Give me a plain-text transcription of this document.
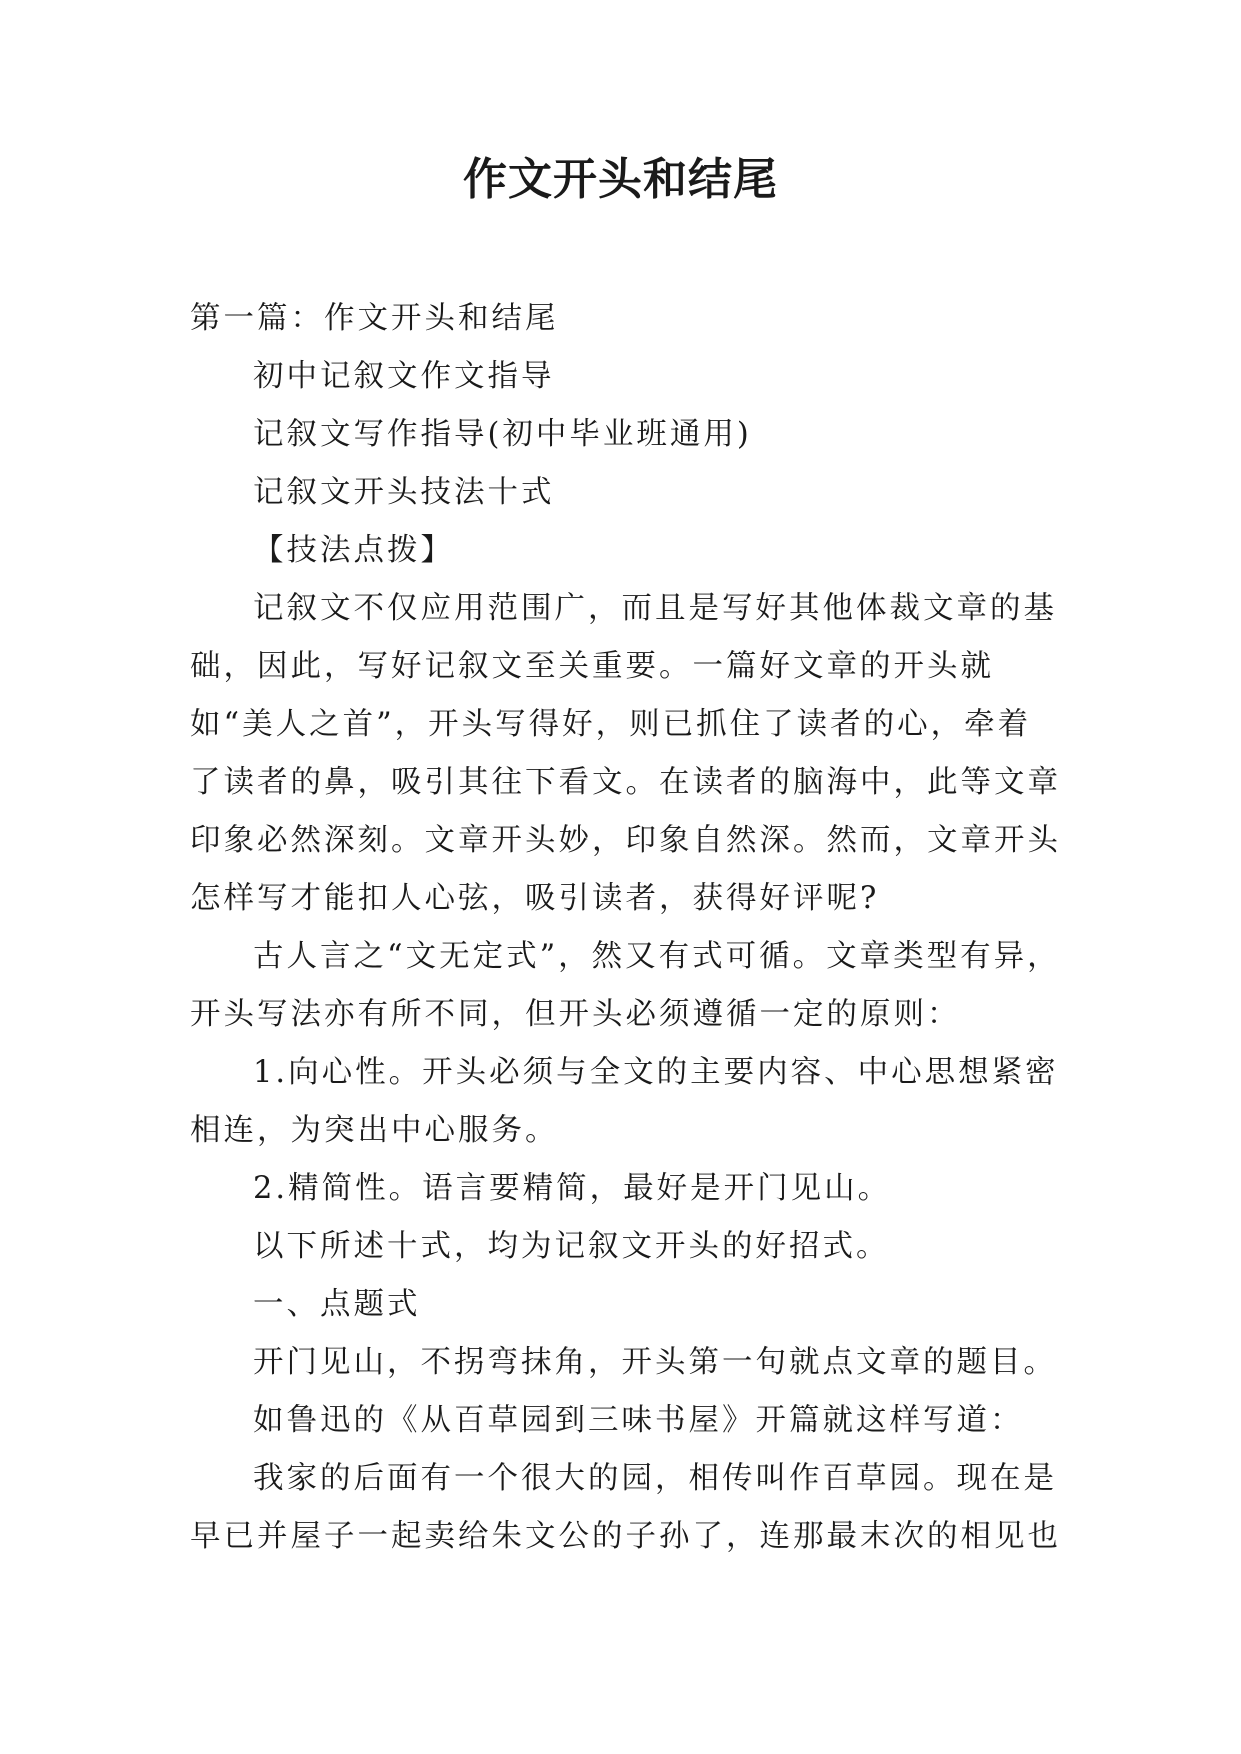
作文开头和结尾

第一篇：作文开头和结尾

初中记叙文作文指导

记叙文写作指导(初中毕业班通用)

记叙文开头技法十式

【技法点拨】

记叙文不仅应用范围广，而且是写好其他体裁文章的基础，因此，写好记叙文至关重要。一篇好文章的开头就如“美人之首”，开头写得好，则已抓住了读者的心，牵着了读者的鼻，吸引其往下看文。在读者的脑海中，此等文章印象必然深刻。文章开头妙，印象自然深。然而，文章开头怎样写才能扣人心弦，吸引读者，获得好评呢?

古人言之“文无定式”，然又有式可循。文章类型有异，开头写法亦有所不同，但开头必须遵循一定的原则：

1.向心性。开头必须与全文的主要内容、中心思想紧密相连，为突出中心服务。

2.精简性。语言要精简，最好是开门见山。

以下所述十式，均为记叙文开头的好招式。

一、点题式

开门见山，不拐弯抹角，开头第一句就点文章的题目。

如鲁迅的《从百草园到三味书屋》开篇就这样写道：

我家的后面有一个很大的园，相传叫作百草园。现在是早已并屋子一起卖给朱文公的子孙了，连那最末次的相见也
